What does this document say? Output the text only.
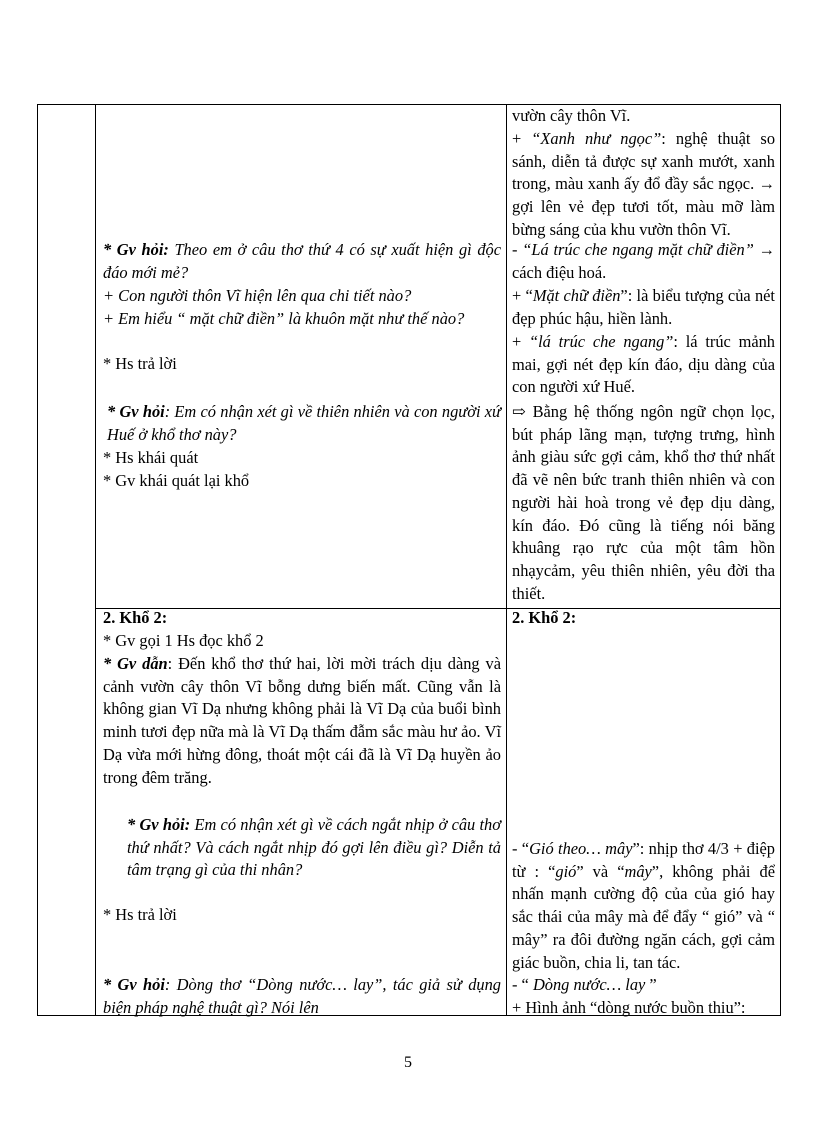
* Gv hỏi: Theo em ở câu thơ thứ 4 có sự xuất hiện gì độc đáo mới mẻ?
+ Con người thôn Vĩ hiện lên qua chi tiết nào?
+ Em hiểu “ mặt chữ điền” là khuôn mặt như thế nào?
* Hs trả lời
* Gv hỏi: Em có nhận xét gì về thiên nhiên và con người xứ Huế ở khổ thơ này?
* Hs khái quát
* Gv khái quát lại khổ
2. Khổ 2:
* Gv gọi 1 Hs đọc khổ 2
* Gv dẫn: Đến khổ thơ thứ hai, lời mời trách dịu dàng và cảnh vườn cây thôn Vĩ bỗng dưng biến mất. Cũng vẫn là không gian Vĩ Dạ nhưng không phải là Vĩ Dạ của buổi bình minh tươi đẹp nữa mà là Vĩ Dạ thấm đẫm sắc màu hư ảo. Vĩ Dạ vừa mới hừng đông, thoát một cái đã là Vĩ Dạ huyền ảo trong đêm trăng.
* Gv hỏi: Em có nhận xét gì về cách ngắt nhịp ở câu thơ thứ nhất? Và cách ngắt nhịp đó gợi lên điều gì? Diễn tả tâm trạng gì của thi nhân?
* Hs trả lời
* Gv hỏi: Dòng thơ “Dòng nước… lay”, tác giả sử dụng biện pháp nghệ thuật gì? Nói lên
vườn cây thôn Vĩ.
+ “Xanh như ngọc”: nghệ thuật so sánh, diễn tả được sự xanh mướt, xanh trong, màu xanh ấy đổ đầy sắc ngọc. → gợi lên vẻ đẹp tươi tốt, màu mỡ làm bừng sáng của khu vườn thôn Vĩ.
- “Lá trúc che ngang mặt chữ điền” → cách điệu hoá.
+ “Mặt chữ điền”: là biểu tượng của nét đẹp phúc hậu, hiền lành.
+ “lá trúc che ngang”: lá trúc mảnh mai, gợi nét đẹp kín đáo, dịu dàng của con người xứ Huế.
⇨ Bằng hệ thống ngôn ngữ chọn lọc, bút pháp lãng mạn, tượng trưng, hình ảnh giàu sức gợi cảm, khổ thơ thứ nhất đã vẽ nên bức tranh thiên nhiên và con người hài hoà trong vẻ đẹp dịu dàng, kín đáo. Đó cũng là tiếng nói băng khuâng rạo rực của một tâm hồn nhạycảm, yêu thiên nhiên, yêu đời tha thiết.
2. Khổ 2:
- “Gió theo… mây”: nhịp thơ 4/3 + điệp từ : “gió” và “mây”, không phải để nhấn mạnh cường độ của của gió hay sắc thái của mây mà để đẩy “ gió” và “ mây” ra đôi đường ngăn cách, gợi cảm giác buồn, chia li, tan tác.
- “ Dòng nước… lay ”
+ Hình ảnh “dòng nước buồn thiu”:
5
